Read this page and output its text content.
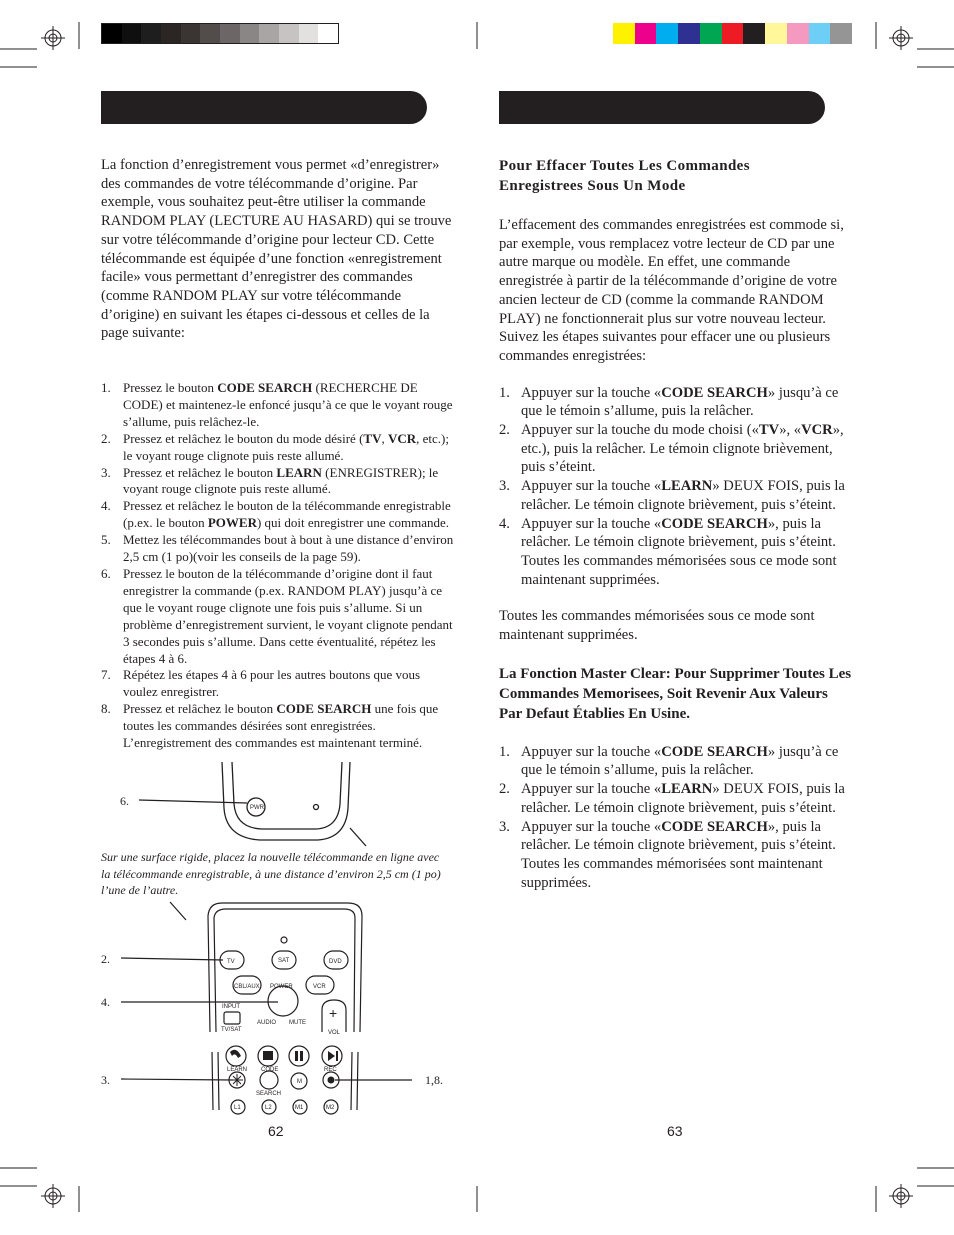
La fonction d’enregistrement vous permet «d’enregistrer» des commandes de votre télécommande d’origine. Par exemple, vous souhaitez peut-être utiliser la commande RANDOM PLAY (LECTURE AU HASARD) qui se trouve sur votre télécommande d’origine pour lecteur CD. Cette télécommande est équipée d’une fonction «enregistrement facile» vous permettant d’enregistrer des commandes (comme RANDOM PLAY sur votre télécommande d’origine) en suivant les étapes ci-dessous et celles de la page suivante:

1. Pressez le bouton CODE SEARCH (RECHERCHE DE CODE) et maintenez-le enfoncé jusqu’à ce que le voyant rouge s’allume, puis relâchez-le.
2. Pressez et relâchez le bouton du mode désiré (TV, VCR, etc.); le voyant rouge clignote puis reste allumé.
3. Pressez et relâchez le bouton LEARN (ENREGISTRER); le voyant rouge clignote puis reste allumé.
4. Pressez et relâchez le bouton de la télécommande enregistrable (p.ex. le bouton POWER) qui doit enregistrer une commande.
5. Mettez les télécommandes bout à bout à une distance d’environ 2,5 cm (1 po)(voir les conseils de la page 59).
6. Pressez le bouton de la télécommande d’origine dont il faut enregistrer la commande (p.ex. RANDOM PLAY) jusqu’à ce que le voyant rouge clignote une fois puis s’allume. Si un problème d’enregistrement survient, le voyant clignote pendant 3 secondes puis s’allume. Dans cette éventualité, répétez les étapes 4 à 6.
7. Répétez les étapes 4 à 6 pour les autres boutons que vous voulez enregistrer.
8. Pressez et relâchez le bouton CODE SEARCH une fois que toutes les commandes désirées sont enregistrées. L’enregistrement des commandes est maintenant terminé.
PWR
6.
Sur une surface rigide, placez la nouvelle télécommande en ligne avec la télécommande enregistrable, à une distance d’environ 2,5 cm (1 po) l’une de l’autre.
TV	SAT	DVD
CBL/AUX POWER	VCR
INPUT
TV/SAT
AUDIO MUTE
+
VOL
LEARN CODE
SEARCH
M
REC
L1	L2	M1	M2
2.
4.
3.	1,8.
62

Pour Effacer Toutes Les Commandes Enregistrees Sous Un Mode

L’effacement des commandes enregistrées est commode si, par exemple, vous remplacez votre lecteur de CD par une autre marque ou modèle. En effet, une commande enregistrée à partir de la télécommande d’origine de votre ancien lecteur de CD (comme la commande RANDOM PLAY) ne fonctionnerait plus sur votre nouveau lecteur. Suivez les étapes suivantes pour effacer une ou plusieurs commandes enregistrées:

1. Appuyer sur la touche «CODE SEARCH» jusqu’à ce que le témoin s’allume, puis la relâcher.
2. Appuyer sur la touche du mode choisi («TV», «VCR», etc.), puis la relâcher. Le témoin clignote brièvement, puis s’éteint.
3. Appuyer sur la touche «LEARN» DEUX FOIS, puis la relâcher. Le témoin clignote brièvement, puis s’éteint.
4. Appuyer sur la touche «CODE SEARCH», puis la relâcher. Le témoin clignote brièvement, puis s’éteint. Toutes les commandes mémorisées sous ce mode sont maintenant supprimées.

Toutes les commandes mémorisées sous ce mode sont maintenant supprimées.

La Fonction Master Clear: Pour Supprimer Toutes Les Commandes Memorisees, Soit Revenir Aux Valeurs Par Defaut Établies En Usine.

1. Appuyer sur la touche «CODE SEARCH» jusqu’à ce que le témoin s’allume, puis la relâcher.
2. Appuyer sur la touche «LEARN» DEUX FOIS, puis la relâcher. Le témoin clignote brièvement, puis s’éteint.
3. Appuyer sur la touche «CODE SEARCH», puis la relâcher. Le témoin clignote brièvement, puis s’éteint. Toutes les commandes mémorisées sont maintenant supprimées.
63
